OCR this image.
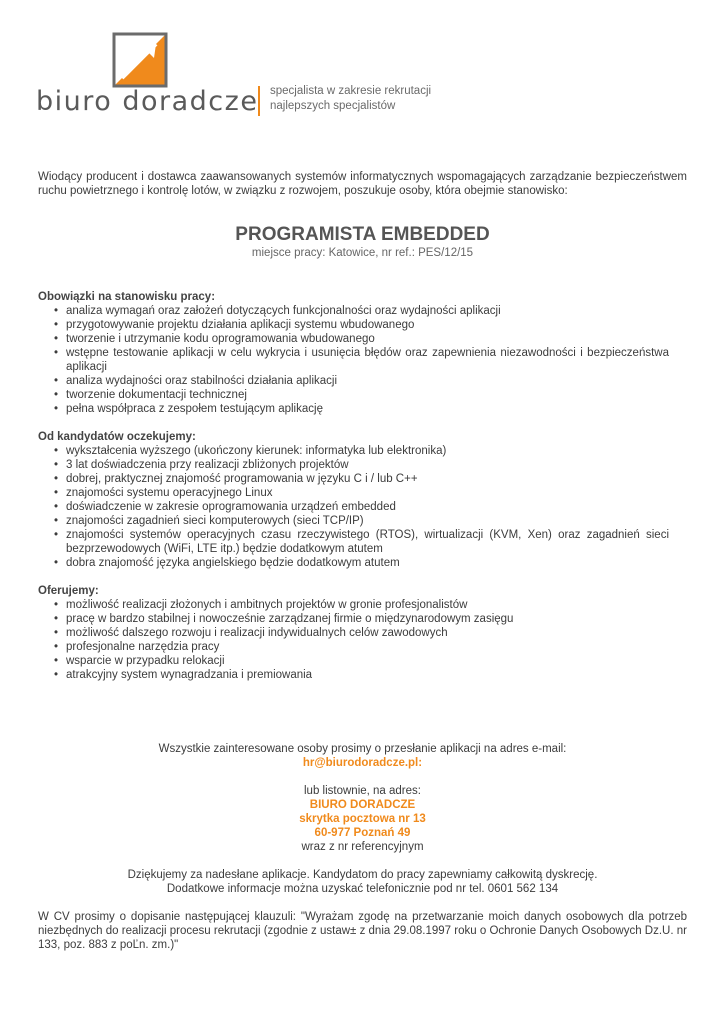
biuro doradcze specjalista w zakresie rekrutacji
najlepszych specjalistów

Wiodący producent i dostawca zaawansowanych systemów informatycznych wspomagających zarządzanie bezpieczeństwem ruchu powietrznego i kontrolę lotów, w związku z rozwojem, poszukuje osoby, która obejmie stanowisko:

PROGRAMISTA EMBEDDED

miejsce pracy: Katowice, nr ref.: PES/12/15

Obowiązki na stanowisku pracy:

• analiza wymagań oraz założeń dotyczących funkcjonalności oraz wydajności aplikacji
• przygotowywanie projektu działania aplikacji systemu wbudowanego
• tworzenie i utrzymanie kodu oprogramowania wbudowanego
• wstępne testowanie aplikacji w celu wykrycia i usunięcia błędów oraz zapewnienia niezawodności i bezpieczeństwa aplikacji
• analiza wydajności oraz stabilności działania aplikacji
• tworzenie dokumentacji technicznej
• pełna współpraca z zespołem testującym aplikację

Od kandydatów oczekujemy:

• wykształcenia wyższego (ukończony kierunek: informatyka lub elektronika)
• 3 lat doświadczenia przy realizacji zbliżonych projektów
• dobrej, praktycznej znajomość programowania w języku C i / lub C++
• znajomości systemu operacyjnego Linux
• doświadczenie w zakresie oprogramowania urządzeń embedded
• znajomości zagadnień sieci komputerowych (sieci TCP/IP)
• znajomości systemów operacyjnych czasu rzeczywistego (RTOS), wirtualizacji (KVM, Xen) oraz zagadnień sieci bezprzewodowych (WiFi, LTE itp.) będzie dodatkowym atutem
• dobra znajomość języka angielskiego będzie dodatkowym atutem

Oferujemy:

• możliwość realizacji złożonych i ambitnych projektów w gronie profesjonalistów
• pracę w bardzo stabilnej i nowocześnie zarządzanej firmie o międzynarodowym zasięgu
• możliwość dalszego rozwoju i realizacji indywidualnych celów zawodowych
• profesjonalne narzędzia pracy
• wsparcie w przypadku relokacji
• atrakcyjny system wynagradzania i premiowania

Wszystkie zainteresowane osoby prosimy o przesłanie aplikacji na adres e-mail:

hr@biurodoradcze.pl:

lub listownie, na adres:

BIURO DORADCZE

skrytka pocztowa nr 13

60-977 Poznań 49

wraz z nr referencyjnym

Dziękujemy za nadesłane aplikacje. Kandydatom do pracy zapewniamy całkowitą dyskrecję.

Dodatkowe informacje można uzyskać telefonicznie pod nr tel. 0601 562 134

W CV prosimy o dopisanie następującej klauzuli: "Wyrażam zgodę na przetwarzanie moich danych osobowych dla potrzeb niezbędnych do realizacji procesu rekrutacji (zgodnie z ustaw± z dnia 29.08.1997 roku o Ochronie Danych Osobowych Dz.U. nr 133, poz. 883 z poĽn. zm.)"
